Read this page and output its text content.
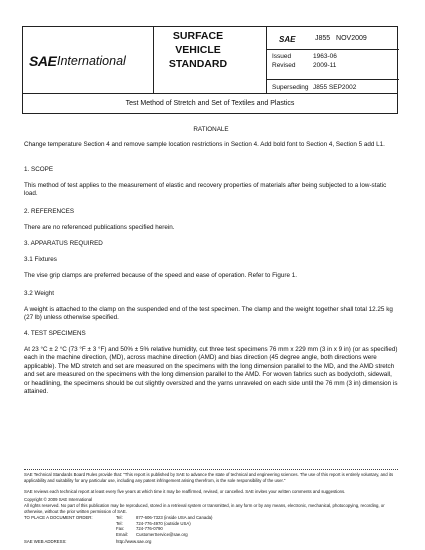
SAE International
SURFACE VEHICLE STANDARD
SAE	J855 NOV2009
Issued	1963-06
Revised	2009-11
Superseding J855 SEP2002
Test Method of Stretch and Set of Textiles and Plastics
RATIONALE
Change temperature Section 4 and remove sample location restrictions in Section 4. Add bold font to Section 4, Section 5 add L1.
1. SCOPE
This method of test applies to the measurement of elastic and recovery properties of materials after being subjected to a low-static load.
2. REFERENCES
There are no referenced publications specified herein.
3. APPARATUS REQUIRED
3.1 Fixtures
The vise grip clamps are preferred because of the speed and ease of operation. Refer to Figure 1.
3.2 Weight
A weight is attached to the clamp on the suspended end of the test specimen. The clamp and the weight together shall total 12.25 kg (27 lb) unless otherwise specified.
4. TEST SPECIMENS
At 23 °C ± 2 °C (73 °F ± 3 °F) and 50% ± 5% relative humidity, cut three test specimens 76 mm x 229 mm (3 in x 9 in) (or as specified) each in the machine direction, (MD), across machine direction (AMD) and bias direction (45 degree angle, both directions were applicable). The MD stretch and set are measured on the specimens with the long dimension parallel to the MD, and the AMD stretch and set are measured on the specimens with the long dimension parallel to the AMD. For woven fabrics such as bodycloth, sidewall, or headlining, the specimens should be cut slightly oversized and the yarns unraveled on each side until the 76 mm (3 in) dimension is attained.
SAE Technical Standards Board Rules provide that: "This report is published by SAE to advance the state of technical and engineering sciences. The use of this report is entirely voluntary, and its applicability and suitability for any particular use, including any patent infringement arising therefrom, is the sole responsibility of the user."
SAE reviews each technical report at least every five years at which time it may be reaffirmed, revised, or cancelled. SAE invites your written comments and suggestions.
Copyright © 2009 SAE International
All rights reserved. No part of this publication may be reproduced, stored in a retrieval system or transmitted, in any form or by any means, electronic, mechanical, photocopying, recording, or otherwise, without the prior written permission of SAE.
TO PLACE A DOCUMENT ORDER:	Tel:	877-606-7323 (inside USA and Canada)
Tel:	724-776-4970 (outside USA)
Fax:	724-776-0790
Email: CustomerService@sae.org
SAE WEB ADDRESS:	http://www.sae.org
